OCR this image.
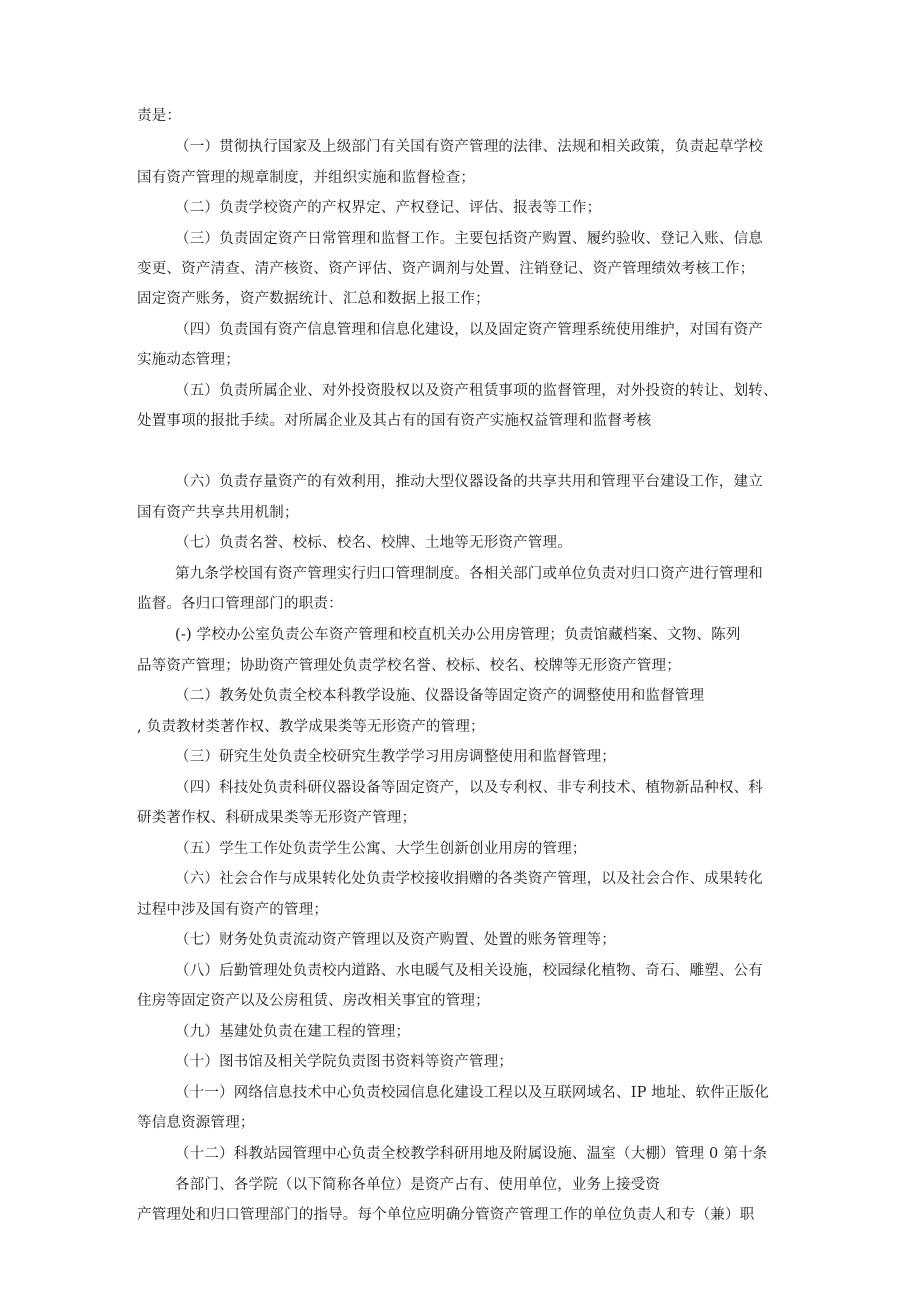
责是：
（一）贯彻执行国家及上级部门有关国有资产管理的法律、法规和相关政策，负责起草学校
国有资产管理的规章制度，并组织实施和监督检查；
（二）负责学校资产的产权界定、产权登记、评估、报表等工作；
（三）负责固定资产日常管理和监督工作。主要包括资产购置、履约验收、登记入账、信息
变更、资产清查、清产核资、资产评估、资产调剂与处置、注销登记、资产管理绩效考核工作；
固定资产账务，资产数据统计、汇总和数据上报工作；
（四）负责国有资产信息管理和信息化建设，以及固定资产管理系统使用维护，对国有资产
实施动态管理；
（五）负责所属企业、对外投资股权以及资产租赁事项的监督管理，对外投资的转让、划转、
处置事项的报批手续。对所属企业及其占有的国有资产实施权益管理和监督考核
（六）负责存量资产的有效利用，推动大型仪器设备的共享共用和管理平台建设工作，建立
国有资产共享共用机制；
（七）负责名誉、校标、校名、校牌、土地等无形资产管理。
第九条学校国有资产管理实行归口管理制度。各相关部门或单位负责对归口资产进行管理和
监督。各归口管理部门的职责：
(-) 学校办公室负责公车资产管理和校直机关办公用房管理；负责馆藏档案、文物、陈列
品等资产管理；协助资产管理处负责学校名誉、校标、校名、校牌等无形资产管理；
（二）教务处负责全校本科教学设施、仪器设备等固定资产的调整使用和监督管理
, 负责教材类著作权、教学成果类等无形资产的管理；
（三）研究生处负责全校研究生教学学习用房调整使用和监督管理；
（四）科技处负责科研仪器设备等固定资产，以及专利权、非专利技术、植物新品种权、科
研类著作权、科研成果类等无形资产管理；
（五）学生工作处负责学生公寓、大学生创新创业用房的管理；
（六）社会合作与成果转化处负责学校接收捐赠的各类资产管理，以及社会合作、成果转化
过程中涉及国有资产的管理；
（七）财务处负责流动资产管理以及资产购置、处置的账务管理等；
（八）后勤管理处负责校内道路、水电暖气及相关设施，校园绿化植物、奇石、雕塑、公有
住房等固定资产以及公房租赁、房改相关事宜的管理；
（九）基建处负责在建工程的管理；
（十）图书馆及相关学院负责图书资料等资产管理；
（十一）网络信息技术中心负责校园信息化建设工程以及互联网域名、IP 地址、软件正版化
等信息资源管理；
（十二）科教站园管理中心负责全校教学科研用地及附属设施、温室（大棚）管理 0 第十条
各部门、各学院（以下简称各单位）是资产占有、使用单位，业务上接受资
产管理处和归口管理部门的指导。每个单位应明确分管资产管理工作的单位负责人和专（兼）职
